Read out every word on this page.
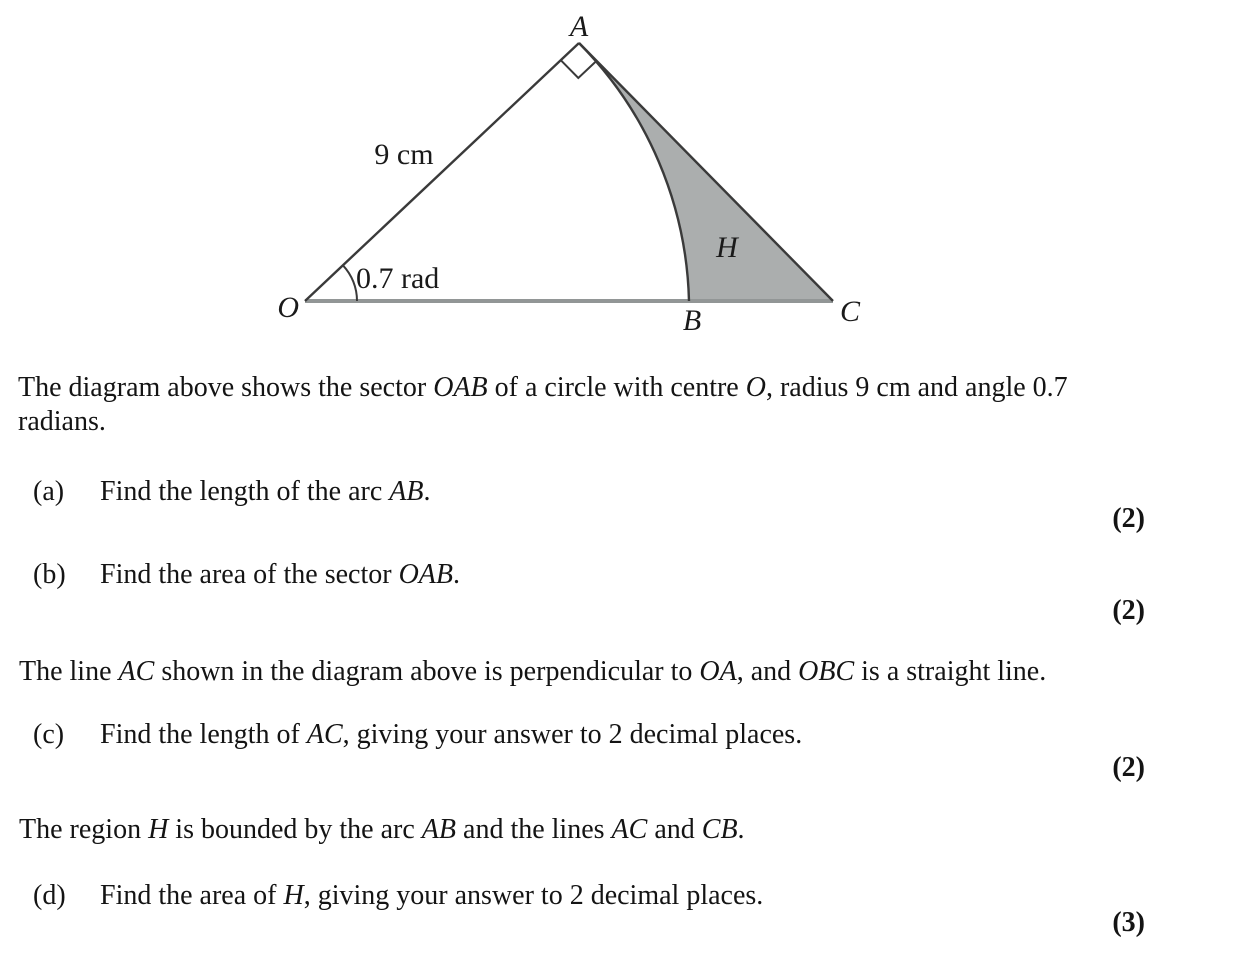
A
O	B	C
H
9 cm
0.7 rad
The diagram above shows the sector OAB of a circle with centre O, radius 9 cm and angle 0.7
radians.
(a) Find the length of the arc AB.
(2)
(b) Find the area of the sector OAB.
(2)
The line AC shown in the diagram above is perpendicular to OA, and OBC is a straight line.
(c) Find the length of AC, giving your answer to 2 decimal places.
(2)
The region H is bounded by the arc AB and the lines AC and CB.
(d) Find the area of H, giving your answer to 2 decimal places.
(3)
